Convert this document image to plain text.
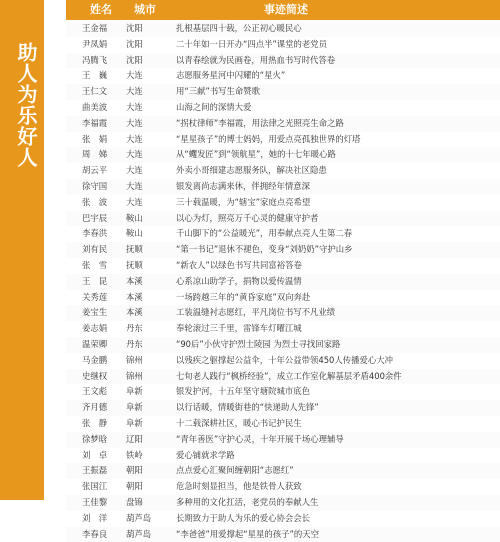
助人为乐好人
姓名 城市	事迹简述
王金福	沈阳	扎根基层四十载，公正初心暖民心
尹凤娟	沈阳	二十年如一日开办“四点半”课堂的老党员
冯腾飞	沈阳	以青春绘就为民画卷，用热血书写时代答卷
王　巍	大连	志愿服务星河中闪耀的“星火”
王仁文	大连	用“三献”书写生命赞歌
曲美波	大连	山海之间的深情大爱
李福霞	大连	“拐杖律师”李福霞，用法律之光照亮生命之路
张　娟	大连	“星星孩子”的博士妈妈，用爱点亮孤独世界的灯塔
周　娣	大连	从“蠼发匠”到“领航星”，她的十七年暖心路
胡云平	大连	外卖小哥细建志愿服务队，解决社区隐患
徐守国	大连	银发离尚志满来休，伴拥经年情意深
张　波	大连	三十载温暖，为“辖宝”家庭点亮希望
巴宇辰	鞍山	以心为灯，照亮万千心灵的健康守护者
李春洪	鞍山	千山脚下的“公益暖光”，用奉献点亮人生第二春
刘有民	抚顺	“第一书记”退休不褪色，变身“刘奶奶”守护山乡
张　雪	抚顺	“新农人”以绿色书写共同富裕答卷
王　昆	本溪	心系凉山助学子，捐物以爱传温情
关秀莲	本溪	一场跨越三年的“黄昏家庭”双向奔赴
姜宝生	本溪	工装温缝衬志愿红，平凡岗位书写不凡业绩
姜志娟	丹东	奉轮滚过三千里，雷锋车灯曜江城
温荣卿	丹东	“90后”小伙守护烈士陵园 为烈士寻找回家路
马金鹏	锦州	以残疾之躯撑起公益伞，十年公益带领450人传播爱心大冲
史继权	锦州	七旬老人践行“枫桥经验”，成立工作室化解基层矛盾400余件
王文彪	阜新	银发护河，十五年坚守塘院城市底色
齐月德	阜新	以行话暖，情暖街巷的“快递助人先锋”
张　静	阜新	十二载深耕社区，暖心书记护民生
徐梦晗	辽阳	“青年善医”守护心灵，十年开展千场心理辅导
刘　卓	铁岭	爱心铺就求学路
王振磊	朝阳	点点爱心汇聚间缠朝阳“志愿红”
张国江	朝阳	危急时刻显担当，他是铁骨人获致
王佳黎	盘锦	多种用的文化扛活，老党员的奉献人生
刘　洋	葫芦岛	长期致力于助人为乐的爱心协会会长
李春良	葫芦岛	“李爸爸”用爱撑起“星星的孩子”的天空
